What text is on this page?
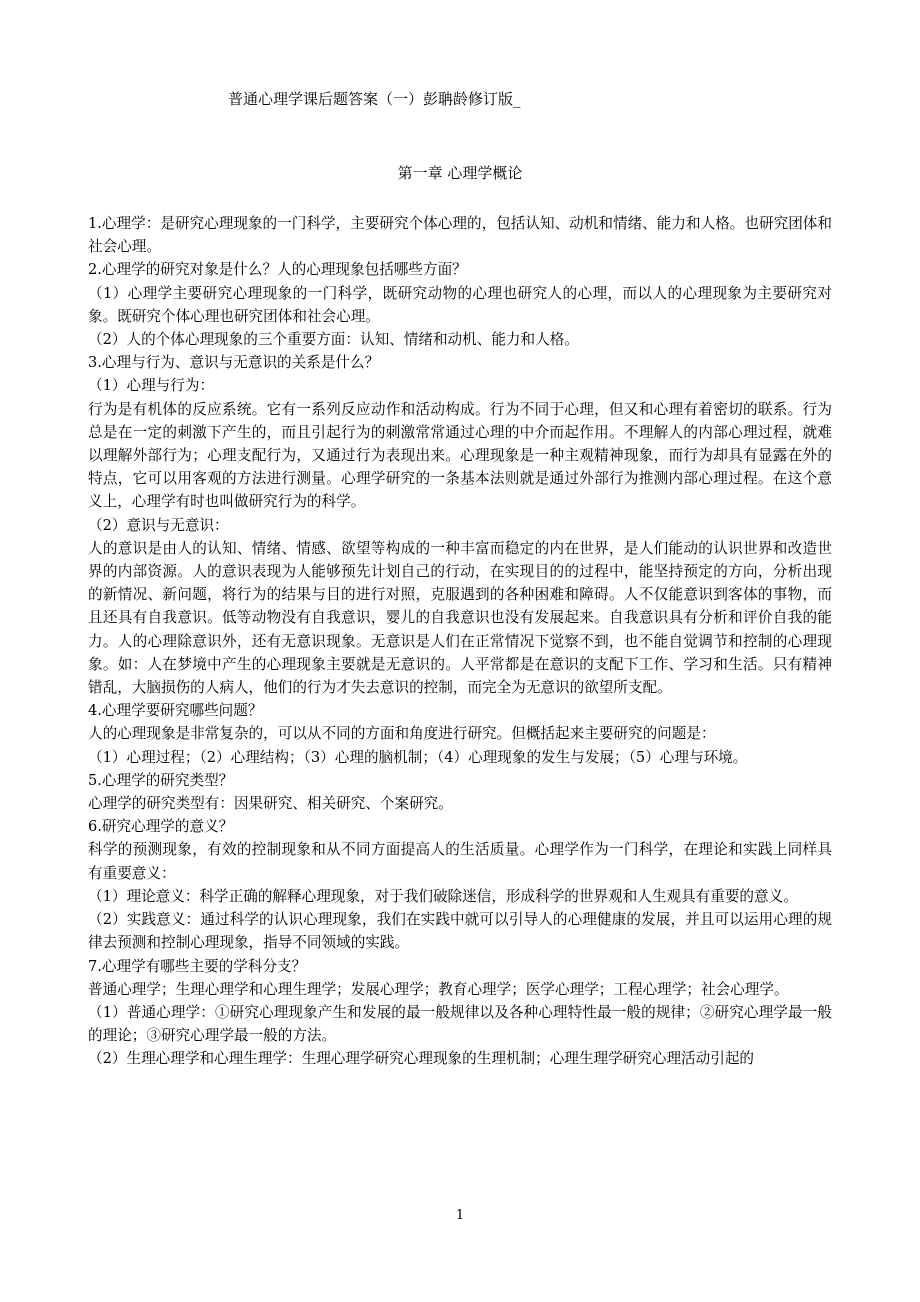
普通心理学课后题答案（一）彭聃龄修订版_
第一章 心理学概论

1.心理学：是研究心理现象的一门科学，主要研究个体心理的，包括认知、动机和情绪、能力和人格。也研究团体和社会心理。

2.心理学的研究对象是什么？人的心理现象包括哪些方面？

（1）心理学主要研究心理现象的一门科学，既研究动物的心理也研究人的心理，而以人的心理现象为主要研究对象。既研究个体心理也研究团体和社会心理。

（2）人的个体心理现象的三个重要方面：认知、情绪和动机、能力和人格。

3.心理与行为、意识与无意识的关系是什么？

（1）心理与行为：

行为是有机体的反应系统。它有一系列反应动作和活动构成。行为不同于心理，但又和心理有着密切的联系。行为总是在一定的刺激下产生的，而且引起行为的刺激常常通过心理的中介而起作用。不理解人的内部心理过程，就难以理解外部行为；心理支配行为，又通过行为表现出来。心理现象是一种主观精神现象，而行为却具有显露在外的特点，它可以用客观的方法进行测量。心理学研究的一条基本法则就是通过外部行为推测内部心理过程。在这个意义上，心理学有时也叫做研究行为的科学。

（2）意识与无意识：

人的意识是由人的认知、情绪、情感、欲望等构成的一种丰富而稳定的内在世界，是人们能动的认识世界和改造世界的内部资源。人的意识表现为人能够预先计划自己的行动，在实现目的的过程中，能坚持预定的方向，分析出现的新情况、新问题，将行为的结果与目的进行对照，克服遇到的各种困难和障碍。人不仅能意识到客体的事物，而且还具有自我意识。低等动物没有自我意识，婴儿的自我意识也没有发展起来。自我意识具有分析和评价自我的能力。人的心理除意识外，还有无意识现象。无意识是人们在正常情况下觉察不到，也不能自觉调节和控制的心理现象。如：人在梦境中产生的心理现象主要就是无意识的。人平常都是在意识的支配下工作、学习和生活。只有精神错乱，大脑损伤的人病人，他们的行为才失去意识的控制，而完全为无意识的欲望所支配。

4.心理学要研究哪些问题？

人的心理现象是非常复杂的，可以从不同的方面和角度进行研究。但概括起来主要研究的问题是：

（1）心理过程；（2）心理结构；（3）心理的脑机制；（4）心理现象的发生与发展；（5）心理与环境。

5.心理学的研究类型？

心理学的研究类型有：因果研究、相关研究、个案研究。

6.研究心理学的意义？

科学的预测现象，有效的控制现象和从不同方面提高人的生活质量。心理学作为一门科学，在理论和实践上同样具有重要意义：

（1）理论意义：科学正确的解释心理现象，对于我们破除迷信，形成科学的世界观和人生观具有重要的意义。

（2）实践意义：通过科学的认识心理现象，我们在实践中就可以引导人的心理健康的发展，并且可以运用心理的规律去预测和控制心理现象，指导不同领域的实践。

7.心理学有哪些主要的学科分支？

普通心理学；生理心理学和心理生理学；发展心理学；教育心理学；医学心理学；工程心理学；社会心理学。

（1）普通心理学：①研究心理现象产生和发展的最一般规律以及各种心理特性最一般的规律；②研究心理学最一般的理论；③研究心理学最一般的方法。

（2）生理心理学和心理生理学：生理心理学研究心理现象的生理机制；心理生理学研究心理活动引起的

1
